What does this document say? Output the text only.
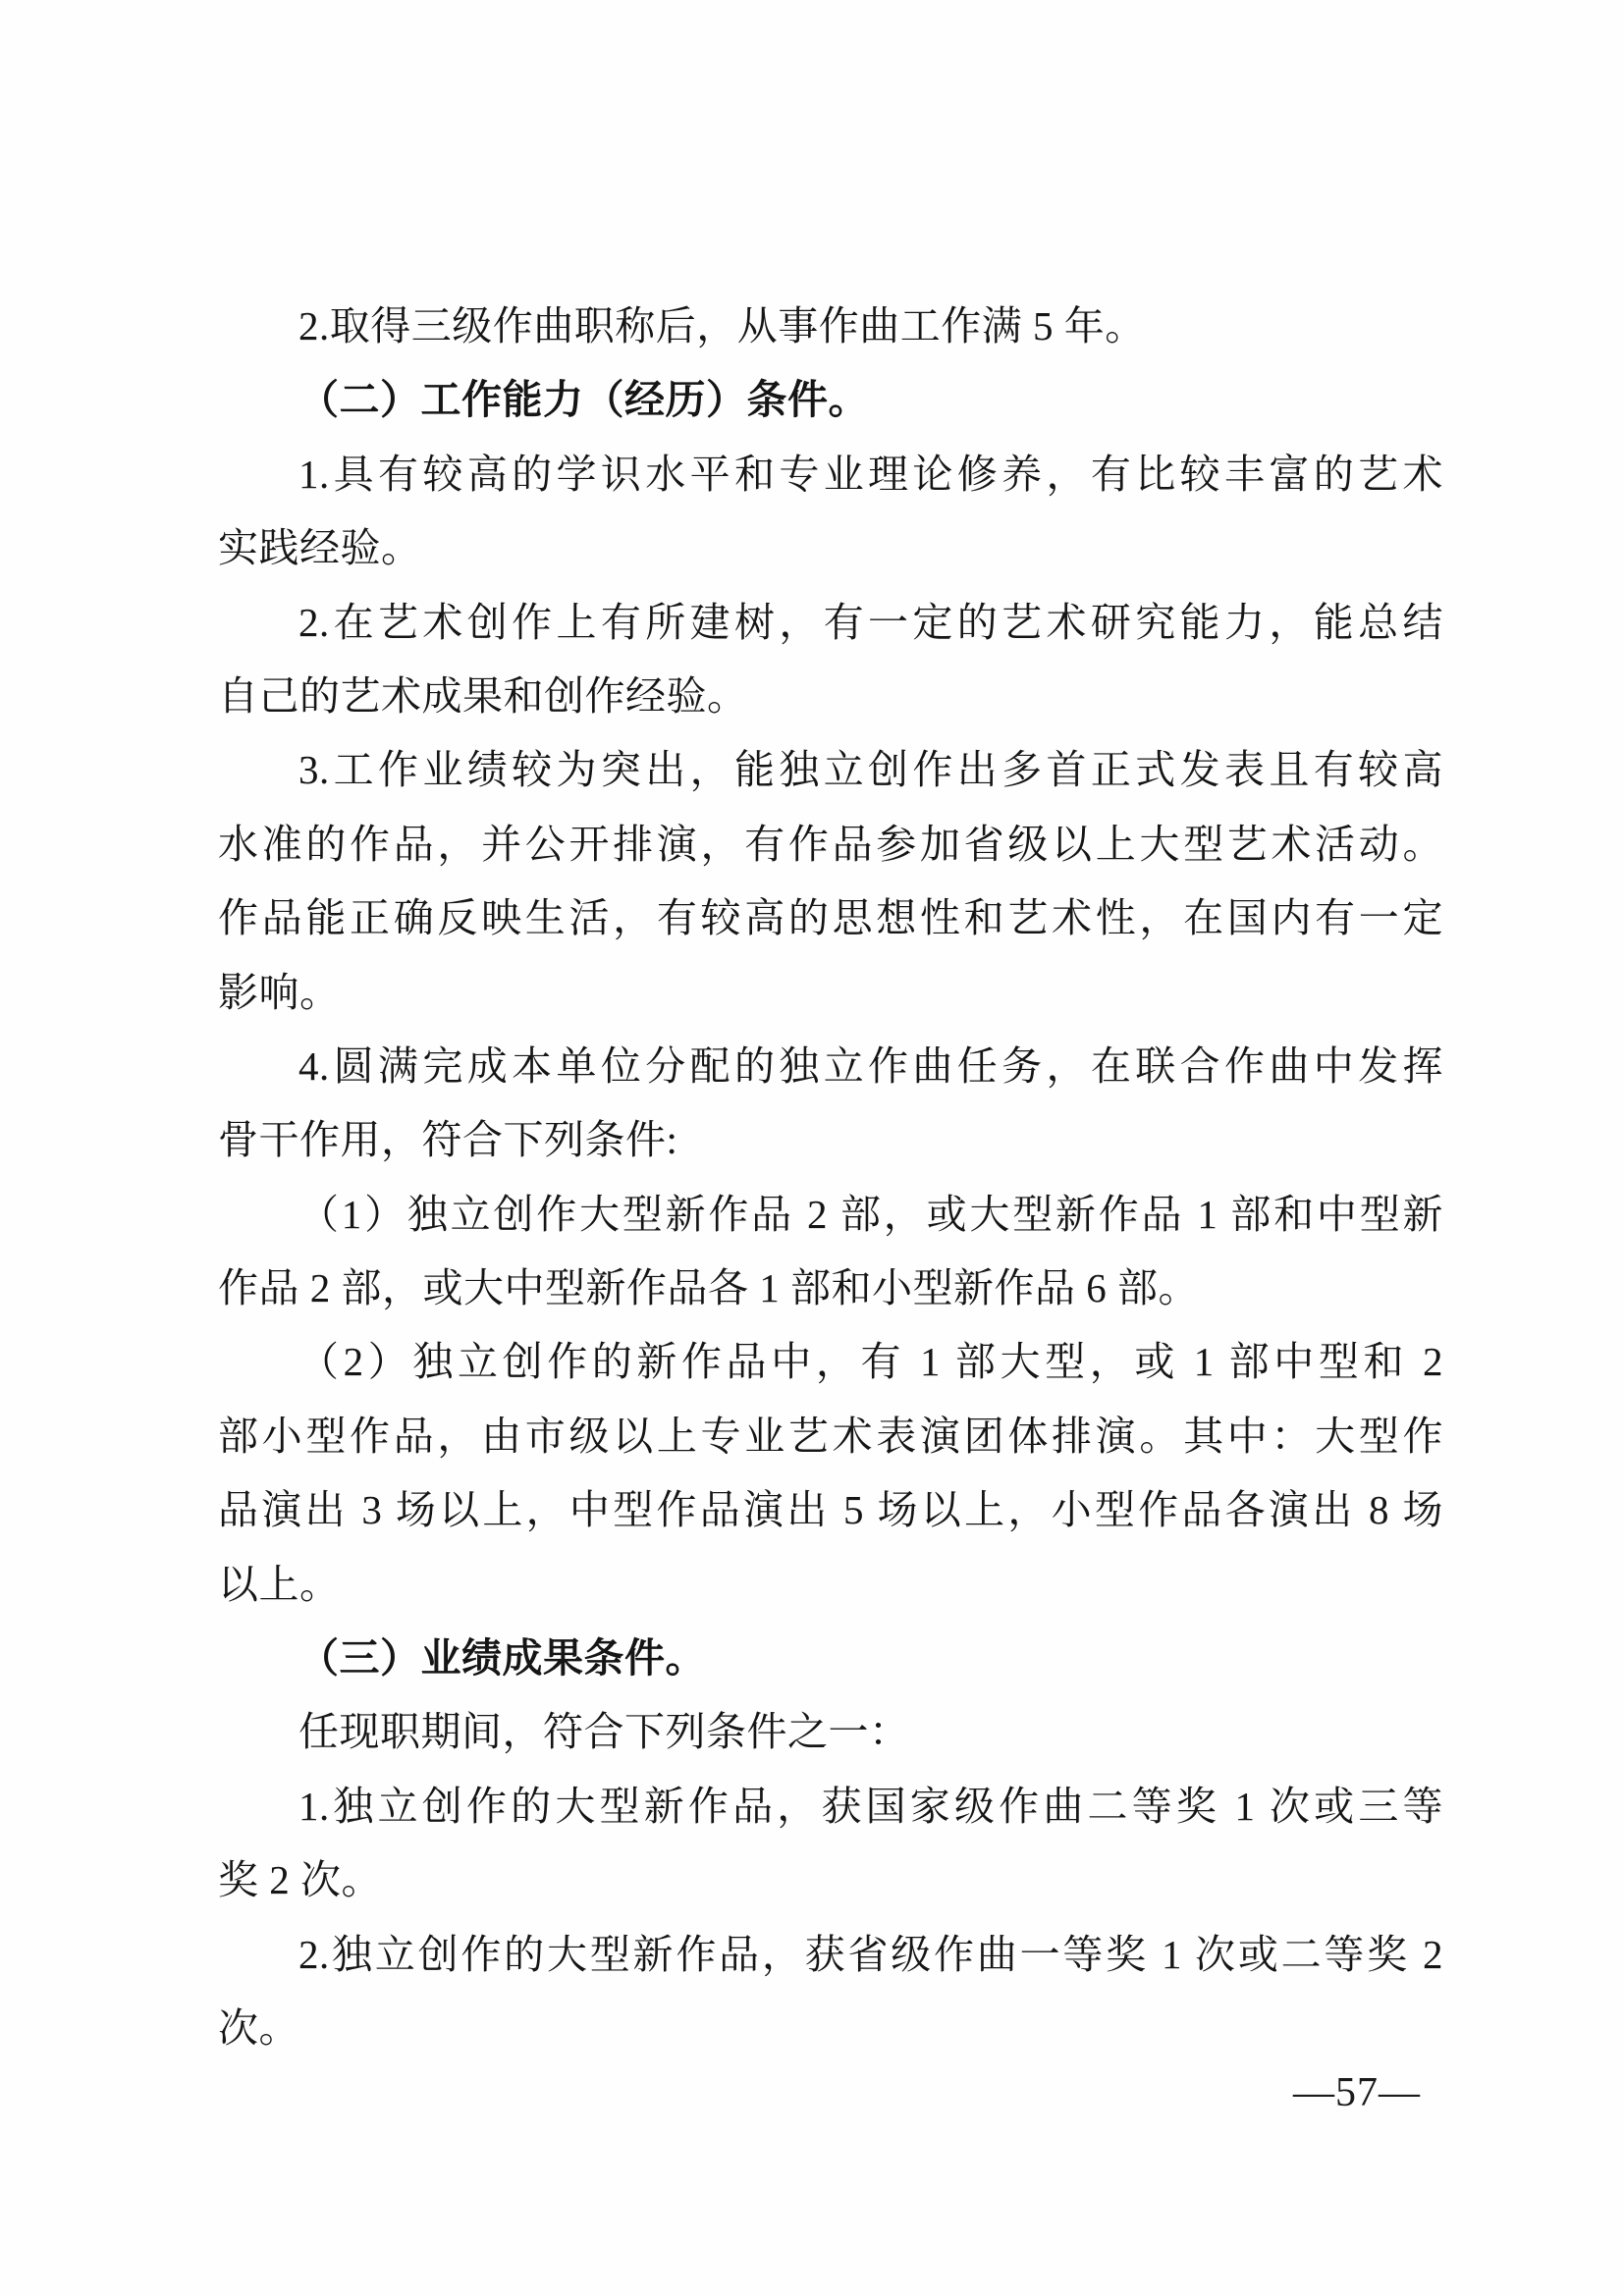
2.取得三级作曲职称后，从事作曲工作满 5 年。
（二）工作能力（经历）条件。
1.具有较高的学识水平和专业理论修养，有比较丰富的艺术
实践经验。
2.在艺术创作上有所建树，有一定的艺术研究能力，能总结
自己的艺术成果和创作经验。
3.工作业绩较为突出，能独立创作出多首正式发表且有较高
水准的作品，并公开排演，有作品参加省级以上大型艺术活动。
作品能正确反映生活，有较高的思想性和艺术性，在国内有一定
影响。
4.圆满完成本单位分配的独立作曲任务，在联合作曲中发挥
骨干作用，符合下列条件:
（1）独立创作大型新作品 2 部，或大型新作品 1 部和中型新
作品 2 部，或大中型新作品各 1 部和小型新作品 6 部。
（2）独立创作的新作品中，有 1 部大型，或 1 部中型和 2
部小型作品，由市级以上专业艺术表演团体排演。其中：大型作
品演出 3 场以上，中型作品演出 5 场以上，小型作品各演出 8 场
以上。
（三）业绩成果条件。
任现职期间，符合下列条件之一：
1.独立创作的大型新作品，获国家级作曲二等奖 1 次或三等
奖 2 次。
2.独立创作的大型新作品，获省级作曲一等奖 1 次或二等奖 2 次。
—57—
